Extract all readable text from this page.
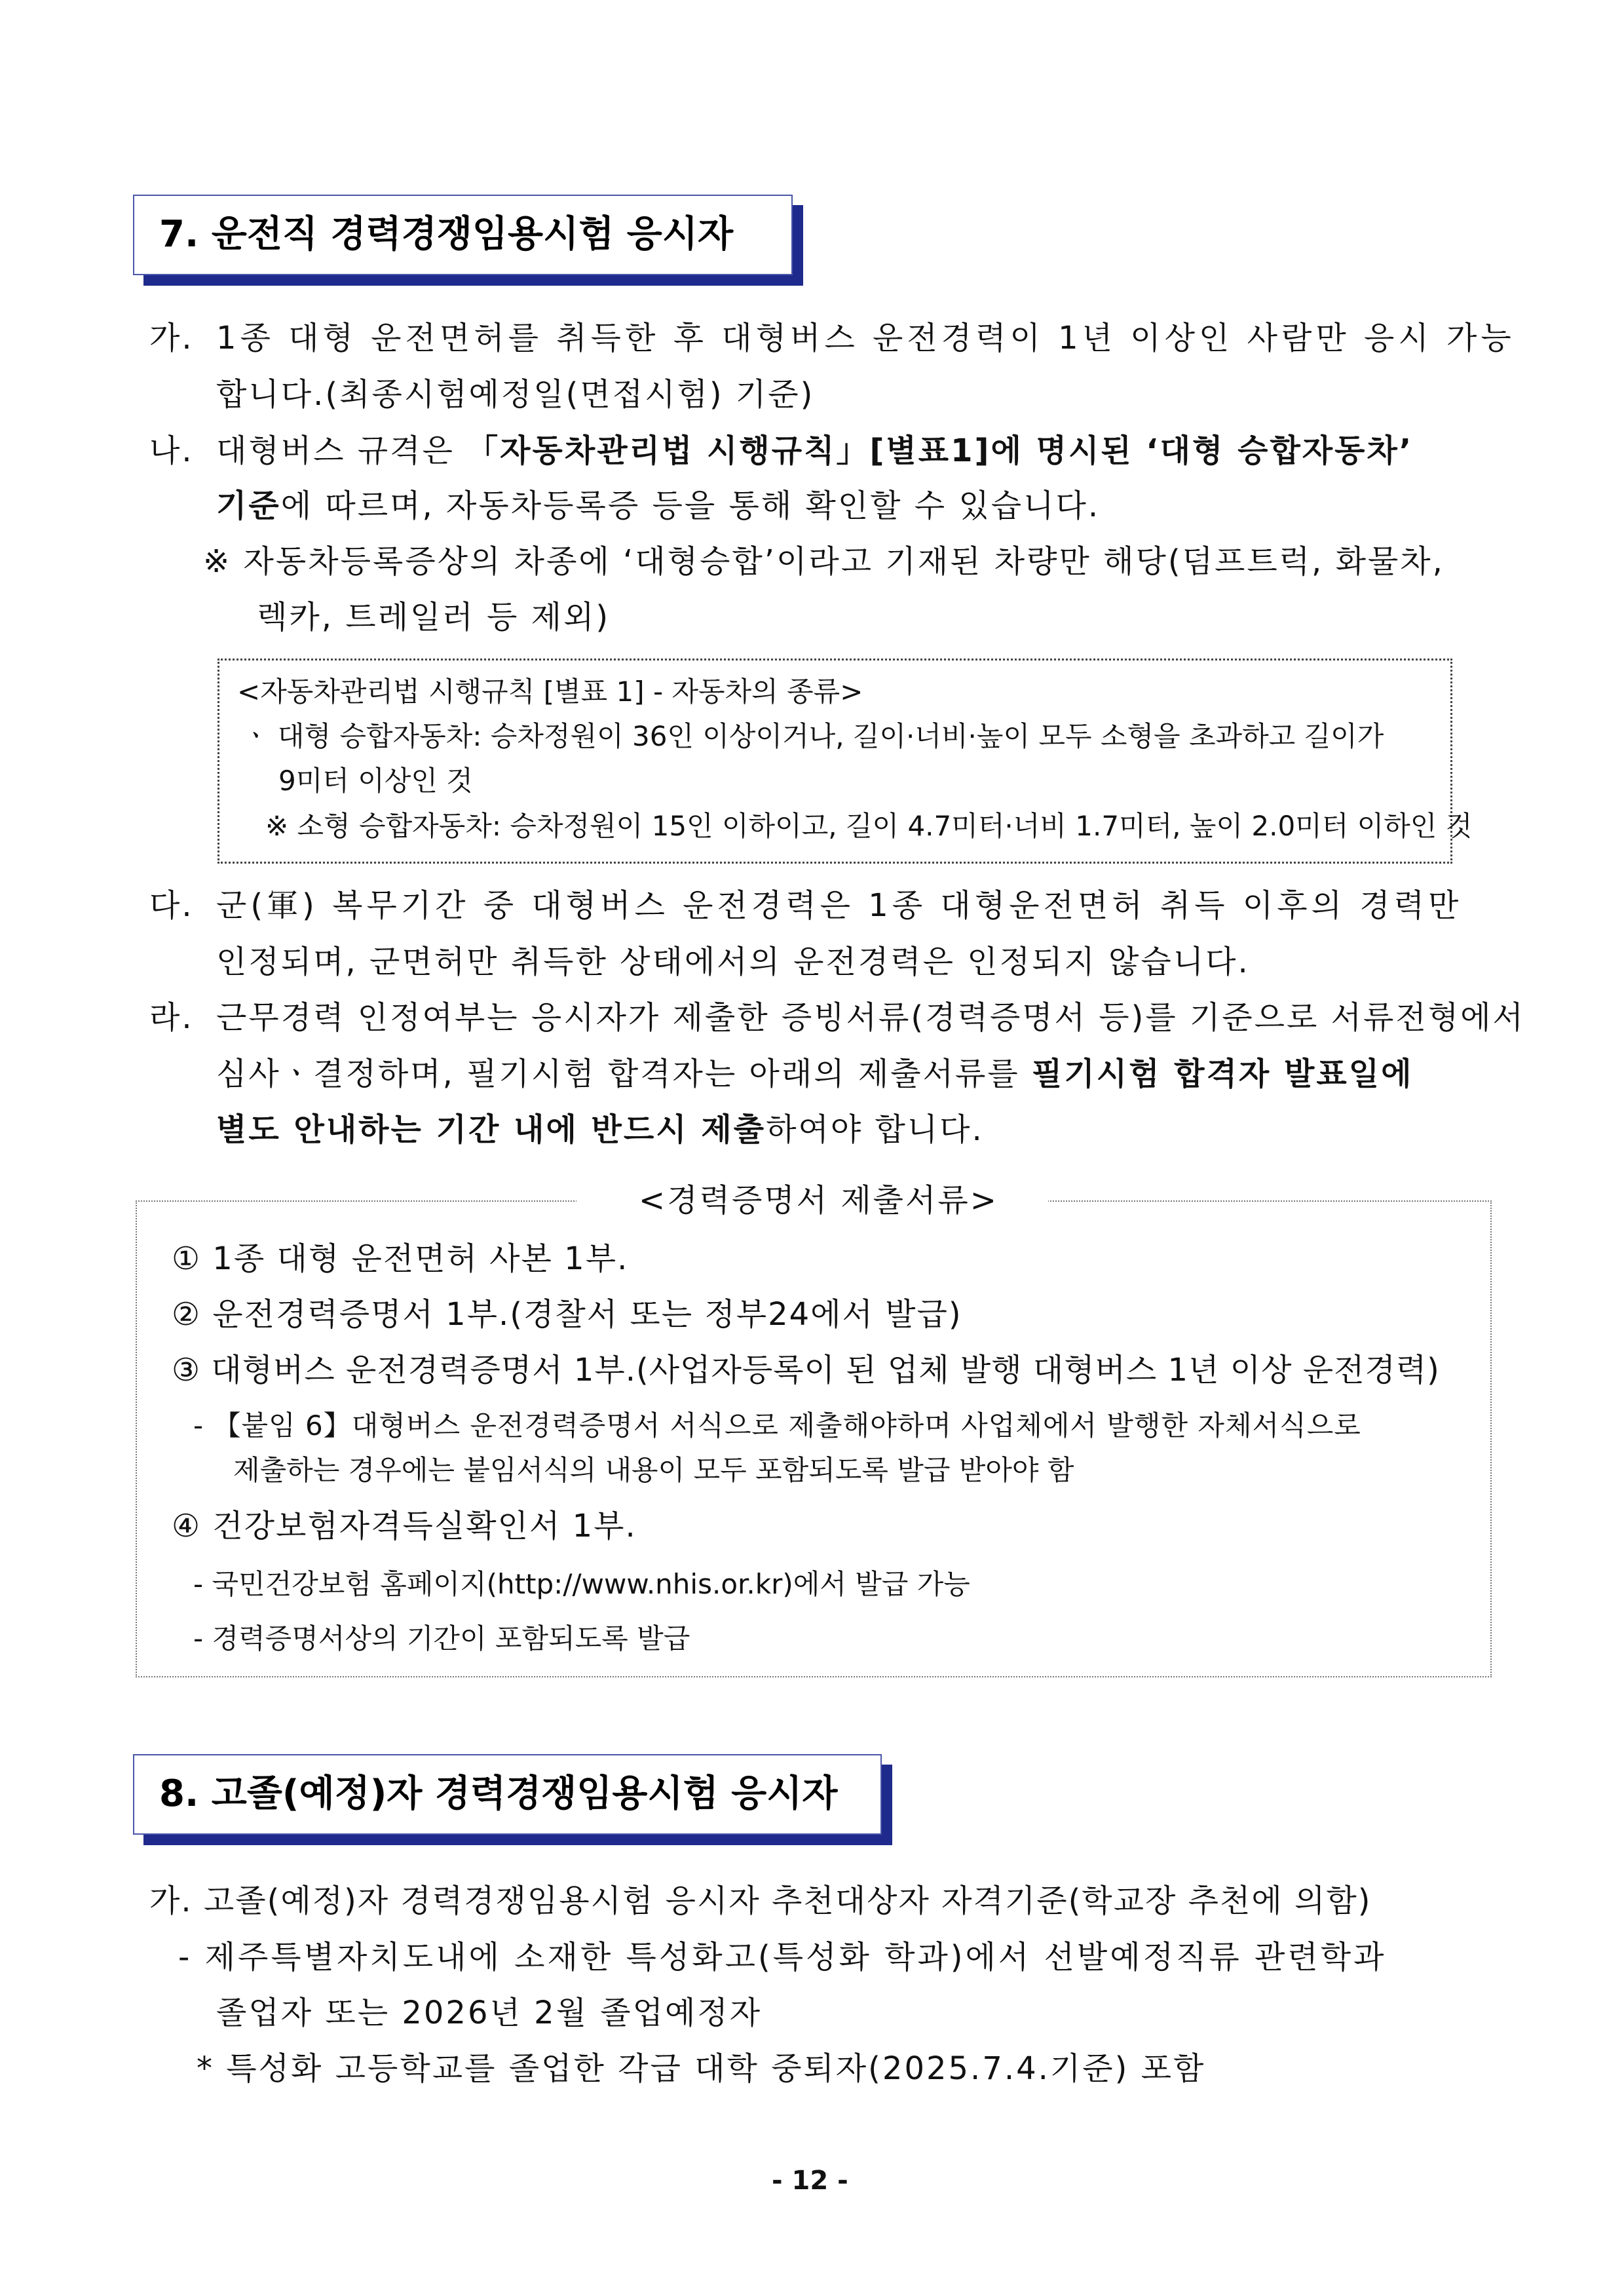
7. 운전직 경력경쟁임용시험 응시자
가. 1종 대형 운전면허를 취득한 후 대형버스 운전경력이 1년 이상인 사람만 응시 가능
합니다.(최종시험예정일(면접시험) 기준)
나. 대형버스 규격은 「자동차관리법 시행규칙」[별표1]에 명시된 ‘대형 승합자동차’
기준에 따르며, 자동차등록증 등을 통해 확인할 수 있습니다.
※ 자동차등록증상의 차종에 ‘대형승합’이라고 기재된 차량만 해당(덤프트럭, 화물차,
렉카, 트레일러 등 제외)
<자동차관리법 시행규칙 [별표 1] - 자동차의 종류>
ㆍ 대형 승합자동차: 승차정원이 36인 이상이거나, 길이·너비·높이 모두 소형을 초과하고 길이가
9미터 이상인 것
※ 소형 승합자동차: 승차정원이 15인 이하이고, 길이 4.7미터·너비 1.7미터, 높이 2.0미터 이하인 것
다. 군(軍) 복무기간 중 대형버스 운전경력은 1종 대형운전면허 취득 이후의 경력만
인정되며, 군면허만 취득한 상태에서의 운전경력은 인정되지 않습니다.
라. 근무경력 인정여부는 응시자가 제출한 증빙서류(경력증명서 등)를 기준으로 서류전형에서
심사ㆍ결정하며, 필기시험 합격자는 아래의 제출서류를 필기시험 합격자 발표일에
별도 안내하는 기간 내에 반드시 제출하여야 합니다.
<경력증명서 제출서류>
① 1종 대형 운전면허 사본 1부.
② 운전경력증명서 1부.(경찰서 또는 정부24에서 발급)
③ 대형버스 운전경력증명서 1부.(사업자등록이 된 업체 발행 대형버스 1년 이상 운전경력)
- 【붙임 6】대형버스 운전경력증명서 서식으로 제출해야하며 사업체에서 발행한 자체서식으로
제출하는 경우에는 붙임서식의 내용이 모두 포함되도록 발급 받아야 함
④ 건강보험자격득실확인서 1부.
- 국민건강보험 홈페이지(http://www.nhis.or.kr)에서 발급 가능
- 경력증명서상의 기간이 포함되도록 발급
8. 고졸(예정)자 경력경쟁임용시험 응시자
가. 고졸(예정)자 경력경쟁임용시험 응시자 추천대상자 자격기준(학교장 추천에 의함)
- 제주특별자치도내에 소재한 특성화고(특성화 학과)에서 선발예정직류 관련학과
졸업자 또는 2026년 2월 졸업예정자
* 특성화 고등학교를 졸업한 각급 대학 중퇴자(2025.7.4.기준) 포함
- 12 -
